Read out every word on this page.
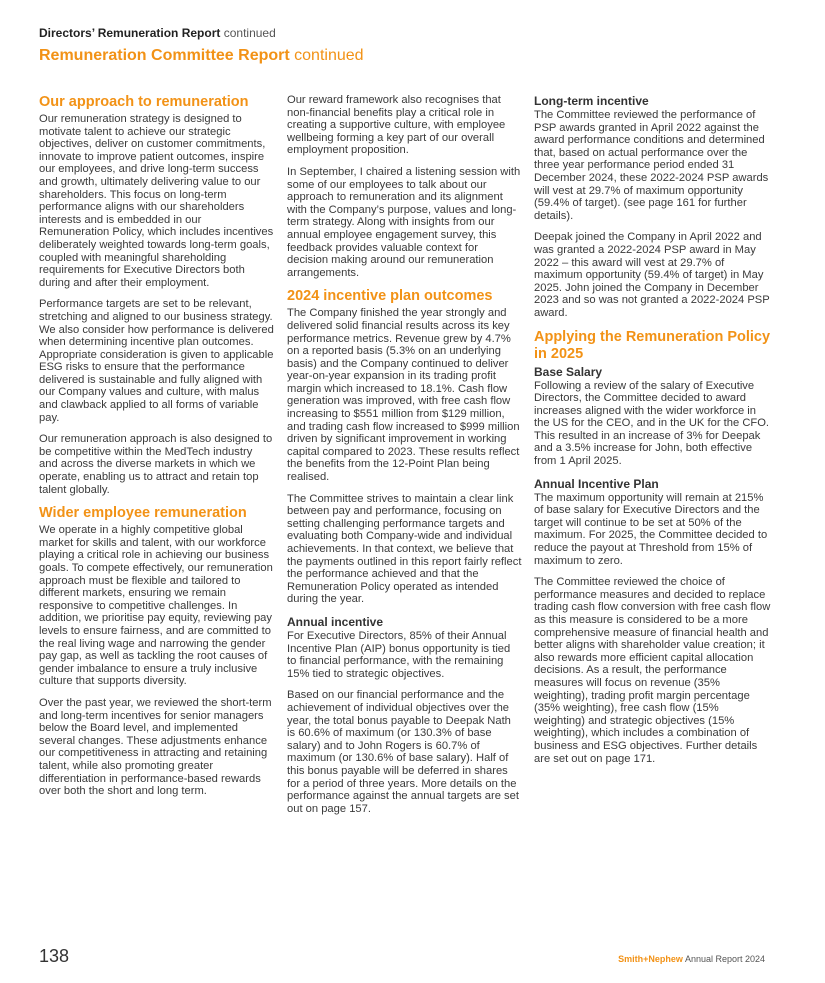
Directors’ Remuneration Report continued
Remuneration Committee Report continued
Our approach to remuneration

Our remuneration strategy is designed to motivate talent to achieve our strategic objectives, deliver on customer commitments, innovate to improve patient outcomes, inspire our employees, and drive long-term success and growth, ultimately delivering value to our shareholders. This focus on long-term performance aligns with our shareholders interests and is embedded in our Remuneration Policy, which includes incentives deliberately weighted towards long-term goals, coupled with meaningful shareholding requirements for Executive Directors both during and after their employment.

Performance targets are set to be relevant, stretching and aligned to our business strategy. We also consider how performance is delivered when determining incentive plan outcomes. Appropriate consideration is given to applicable ESG risks to ensure that the performance delivered is sustainable and fully aligned with our Company values and culture, with malus and clawback applied to all forms of variable pay.

Our remuneration approach is also designed to be competitive within the MedTech industry and across the diverse markets in which we operate, enabling us to attract and retain top talent globally.

Wider employee remuneration

We operate in a highly competitive global market for skills and talent, with our workforce playing a critical role in achieving our business goals. To compete effectively, our remuneration approach must be flexible and tailored to different markets, ensuring we remain responsive to competitive challenges. In addition, we prioritise pay equity, reviewing pay levels to ensure fairness, and are committed to the real living wage and narrowing the gender pay gap, as well as tackling the root causes of gender imbalance to ensure a truly inclusive culture that supports diversity.

Over the past year, we reviewed the short-term and long-term incentives for senior managers below the Board level, and implemented several changes. These adjustments enhance our competitiveness in attracting and retaining talent, while also promoting greater differentiation in performance-based rewards over both the short and long term.

Our reward framework also recognises that non-financial benefits play a critical role in creating a supportive culture, with employee wellbeing forming a key part of our overall employment proposition.

In September, I chaired a listening session with some of our employees to talk about our approach to remuneration and its alignment with the Company’s purpose, values and long-term strategy. Along with insights from our annual employee engagement survey, this feedback provides valuable context for decision making around our remuneration arrangements.

2024 incentive plan outcomes

The Company finished the year strongly and delivered solid financial results across its key performance metrics. Revenue grew by 4.7% on a reported basis (5.3% on an underlying basis) and the Company continued to deliver year-on-year expansion in its trading profit margin which increased to 18.1%. Cash flow generation was improved, with free cash flow increasing to $551 million from $129 million, and trading cash flow increased to $999 million driven by significant improvement in working capital compared to 2023. These results reflect the benefits from the 12-Point Plan being realised.

The Committee strives to maintain a clear link between pay and performance, focusing on setting challenging performance targets and evaluating both Company-wide and individual achievements. In that context, we believe that the payments outlined in this report fairly reflect the performance achieved and that the Remuneration Policy operated as intended during the year.

Annual incentive

For Executive Directors, 85% of their Annual Incentive Plan (AIP) bonus opportunity is tied to financial performance, with the remaining 15% tied to strategic objectives.

Based on our financial performance and the achievement of individual objectives over the year, the total bonus payable to Deepak Nath is 60.6% of maximum (or 130.3% of base salary) and to John Rogers is 60.7% of maximum (or 130.6% of base salary). Half of this bonus payable will be deferred in shares for a period of three years. More details on the performance against the annual targets are set out on page 157.

Long-term incentive

The Committee reviewed the performance of PSP awards granted in April 2022 against the award performance conditions and determined that, based on actual performance over the three year performance period ended 31 December 2024, these 2022-2024 PSP awards will vest at 29.7% of maximum opportunity (59.4% of target). (see page 161 for further details).

Deepak joined the Company in April 2022 and was granted a 2022-2024 PSP award in May 2022 – this award will vest at 29.7% of maximum opportunity (59.4% of target) in May 2025. John joined the Company in December 2023 and so was not granted a 2022-2024 PSP award.

Applying the Remuneration Policy in 2025
Base Salary

Following a review of the salary of Executive Directors, the Committee decided to award increases aligned with the wider workforce in the US for the CEO, and in the UK for the CFO. This resulted in an increase of 3% for Deepak and a 3.5% increase for John, both effective from 1 April 2025.

Annual Incentive Plan

The maximum opportunity will remain at 215% of base salary for Executive Directors and the target will continue to be set at 50% of the maximum. For 2025, the Committee decided to reduce the payout at Threshold from 15% of maximum to zero.

The Committee reviewed the choice of performance measures and decided to replace trading cash flow conversion with free cash flow as this measure is considered to be a more comprehensive measure of financial health and better aligns with shareholder value creation; it also rewards more efficient capital allocation decisions. As a result, the performance measures will focus on revenue (35% weighting), trading profit margin percentage (35% weighting), free cash flow (15% weighting) and strategic objectives (15% weighting), which includes a combination of business and ESG objectives. Further details are set out on page 171.

138	Smith+Nephew Annual Report 2024
